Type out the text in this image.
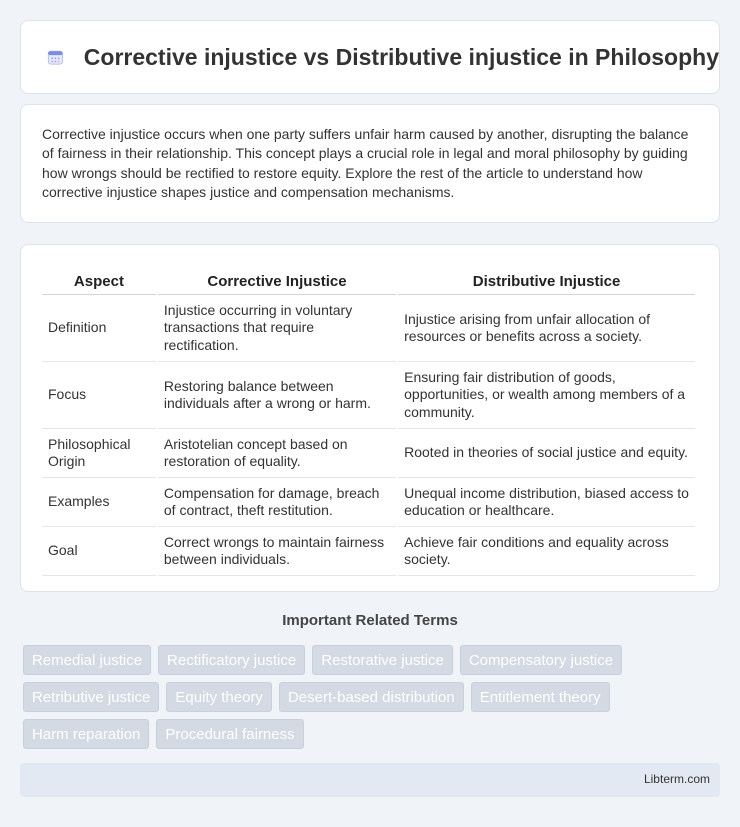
Corrective injustice vs Distributive injustice in Philosophy

Corrective injustice occurs when one party suffers unfair harm caused by another, disrupting the balance of fairness in their relationship. This concept plays a crucial role in legal and moral philosophy by guiding how wrongs should be rectified to restore equity. Explore the rest of the article to understand how corrective injustice shapes justice and compensation mechanisms.

Aspect	Corrective Injustice	Distributive Injustice
Definition	Injustice occurring in voluntary transactions that require rectification.	Injustice arising from unfair allocation of resources or benefits across a society.
Focus	Restoring balance between individuals after a wrong or harm.	Ensuring fair distribution of goods, opportunities, or wealth among members of a community.
Philosophical Origin	Aristotelian concept based on restoration of equality.	Rooted in theories of social justice and equity.
Examples	Compensation for damage, breach of contract, theft restitution.	Unequal income distribution, biased access to education or healthcare.
Goal	Correct wrongs to maintain fairness between individuals.	Achieve fair conditions and equality across society.
Important Related Terms
Remedial justice	Rectificatory justice	Restorative justice	Compensatory justice
Retributive justice	Equity theory	Desert-based distribution	Entitlement theory
Harm reparation	Procedural fairness
Libterm.com
